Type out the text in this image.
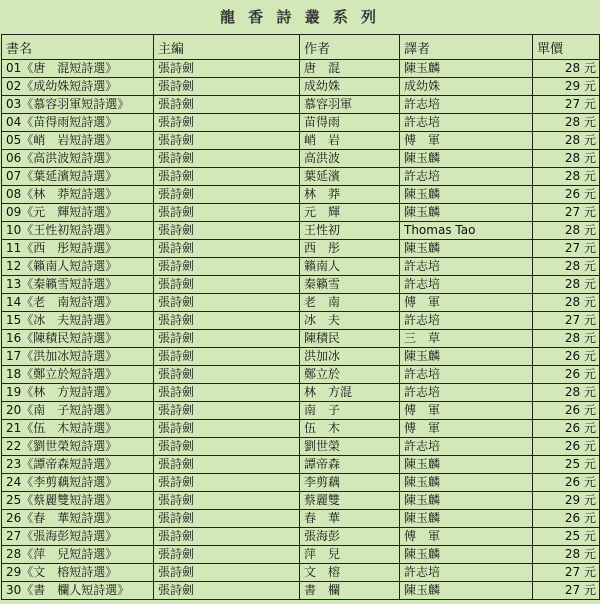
龍 香 詩 叢 系 列
書名	主編	作者	譯者	單價
01《唐　混短詩選》	張詩劍	唐　混	陳玉麟	28 元
02《成幼姝短詩選》	張詩劍	成幼姝	成幼姝	29 元
03《慕容羽軍短詩選》	張詩劍	慕容羽軍	許志培	27 元
04《苗得雨短詩選》	張詩劍	苗得雨	許志培	28 元
05《峭　岩短詩選》	張詩劍	峭　岩	傅　軍	28 元
06《高洪波短詩選》	張詩劍	高洪波	陳玉麟	28 元
07《葉延濱短詩選》	張詩劍	葉延濱	許志培	28 元
08《林　莽短詩選》	張詩劍	林　莽	陳玉麟	26 元
09《元　輝短詩選》	張詩劍	元　輝	陳玉麟	27 元
10《王性初短詩選》	張詩劍	王性初	Thomas Tao	28 元
11《西　彤短詩選》	張詩劍	西　彤	陳玉麟	27 元
12《籟南人短詩選》	張詩劍	籟南人	許志培	28 元
13《秦籟雪短詩選》	張詩劍	秦籟雪	許志培	28 元
14《老　南短詩選》	張詩劍	老　南	傅　軍	28 元
15《冰　夫短詩選》	張詩劍	冰　夫	許志培	27 元
16《陳積民短詩選》	張詩劍	陳積民	三　草	28 元
17《洪加冰短詩選》	張詩劍	洪加冰	陳玉麟	26 元
18《鄭立於短詩選》	張詩劍	鄭立於	許志培	26 元
19《林　方短詩選》	張詩劍	林　方混	許志培	28 元
20《南　子短詩選》	張詩劍	南　子	傅　軍	26 元
21《伍　木短詩選》	張詩劍	伍　木	傅　軍	26 元
22《劉世榮短詩選》	張詩劍	劉世榮	許志培	26 元
23《譚帝森短詩選》	張詩劍	譚帝森	陳玉麟	25 元
24《李剪藕短詩選》	張詩劍	李剪藕	陳玉麟	26 元
25《蔡麗雙短詩選》	張詩劍	蔡麗雙	陳玉麟	29 元
26《春　華短詩選》	張詩劍	春　華	陳玉麟	26 元
27《張海彭短詩選》	張詩劍	張海彭	傅　軍	25 元
28《萍　兒短詩選》	張詩劍	萍　兒	陳玉麟	28 元
29《文　榕短詩選》	張詩劍	文　榕	許志培	27 元
30《書　欄人短詩選》	張詩劍	書　欄	陳玉麟	27 元
